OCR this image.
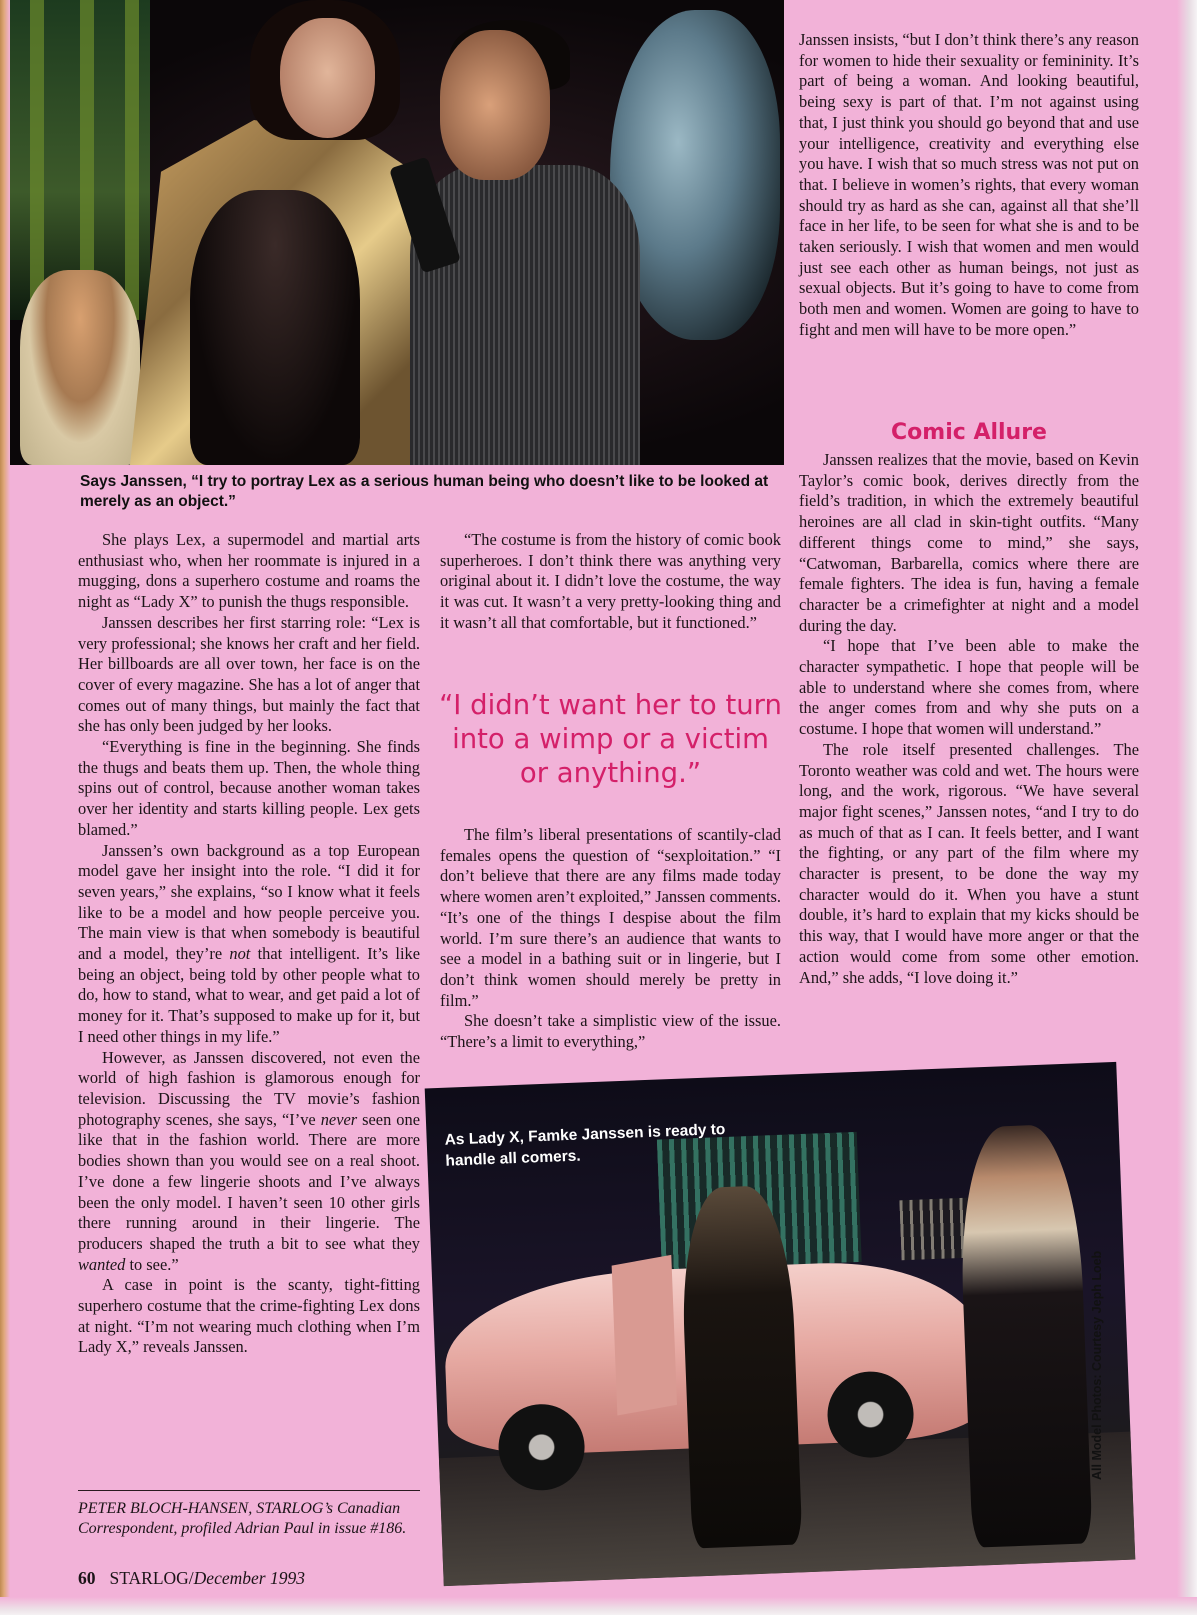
Says Janssen, “I try to portray Lex as a serious human being who doesn’t like to be looked at merely as an object.”

She plays Lex, a supermodel and martial arts enthusiast who, when her roommate is injured in a mugging, dons a superhero costume and roams the night as “Lady X” to punish the thugs responsible.

Janssen describes her first starring role: “Lex is very professional; she knows her craft and her field. Her billboards are all over town, her face is on the cover of every magazine. She has a lot of anger that comes out of many things, but mainly the fact that she has only been judged by her looks.

“Everything is fine in the beginning. She finds the thugs and beats them up. Then, the whole thing spins out of control, because another woman takes over her identity and starts killing people. Lex gets blamed.”

Janssen’s own background as a top European model gave her insight into the role. “I did it for seven years,” she explains, “so I know what it feels like to be a model and how people perceive you. The main view is that when somebody is beautiful and a model, they’re not that intelligent. It’s like being an object, being told by other people what to do, how to stand, what to wear, and get paid a lot of money for it. That’s supposed to make up for it, but I need other things in my life.”

However, as Janssen discovered, not even the world of high fashion is glamorous enough for television. Discussing the TV movie’s fashion photography scenes, she says, “I’ve never seen one like that in the fashion world. There are more bodies shown than you would see on a real shoot. I’ve done a few lingerie shoots and I’ve always been the only model. I haven’t seen 10 other girls there running around in their lingerie. The producers shaped the truth a bit to see what they wanted to see.”

A case in point is the scanty, tight-fitting superhero costume that the crime-fighting Lex dons at night. “I’m not wearing much clothing when I’m Lady X,” reveals Janssen.

“The costume is from the history of comic book superheroes. I don’t think there was anything very original about it. I didn’t love the costume, the way it was cut. It wasn’t a very pretty-looking thing and it wasn’t all that comfortable, but it functioned.”

“I didn’t want her to turn into a wimp or a victim or anything.”

The film’s liberal presentations of scantily-clad females opens the question of “sexploitation.” “I don’t believe that there are any films made today where women aren’t exploited,” Janssen comments. “It’s one of the things I despise about the film world. I’m sure there’s an audience that wants to see a model in a bathing suit or in lingerie, but I don’t think women should merely be pretty in film.”

She doesn’t take a simplistic view of the issue. “There’s a limit to everything,”

Janssen insists, “but I don’t think there’s any reason for women to hide their sexuality or femininity. It’s part of being a woman. And looking beautiful, being sexy is part of that. I’m not against using that, I just think you should go beyond that and use your intelligence, creativity and everything else you have. I wish that so much stress was not put on that. I believe in women’s rights, that every woman should try as hard as she can, against all that she’ll face in her life, to be seen for what she is and to be taken seriously. I wish that women and men would just see each other as human beings, not just as sexual objects. But it’s going to have to come from both men and women. Women are going to have to fight and men will have to be more open.”

Comic Allure

Janssen realizes that the movie, based on Kevin Taylor’s comic book, derives directly from the field’s tradition, in which the extremely beautiful heroines are all clad in skin-tight outfits. “Many different things come to mind,” she says, “Catwoman, Barbarella, comics where there are female fighters. The idea is fun, having a female character be a crimefighter at night and a model during the day.

“I hope that I’ve been able to make the character sympathetic. I hope that people will be able to understand where she comes from, where the anger comes from and why she puts on a costume. I hope that women will understand.”

The role itself presented challenges. The Toronto weather was cold and wet. The hours were long, and the work, rigorous. “We have several major fight scenes,” Janssen notes, “and I try to do as much of that as I can. It feels better, and I want the fighting, or any part of the film where my character is present, to be done the way my character would do it. When you have a stunt double, it’s hard to explain that my kicks should be this way, that I would have more anger or that the action would come from some other emotion. And,” she adds, “I love doing it.”

As Lady X, Famke Janssen is ready to handle all comers.
All Model Photos: Courtesy Jeph Loeb
PETER BLOCH-HANSEN, STARLOG’s Canadian Correspondent, profiled Adrian Paul in issue #186.
60 STARLOG/December 1993
